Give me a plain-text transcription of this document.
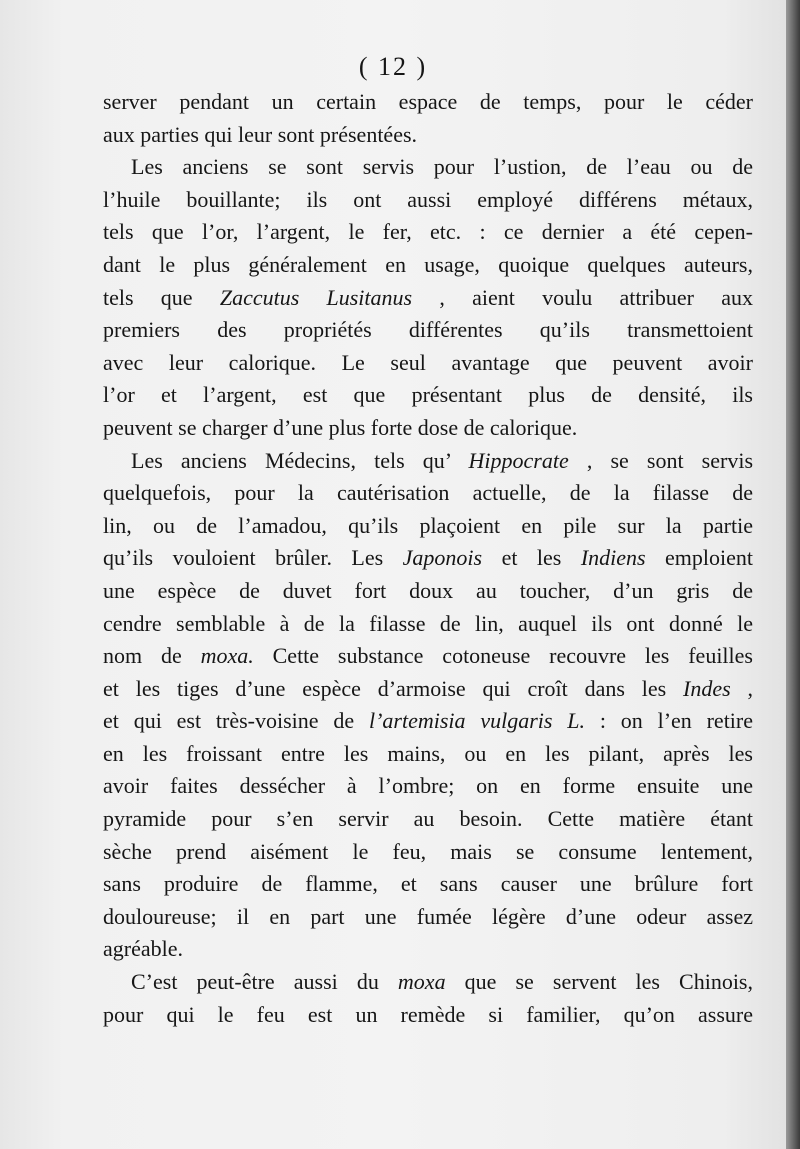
( 12 )
server pendant un certain espace de temps, pour le céder
aux parties qui leur sont présentées.
Les anciens se sont servis pour l’ustion, de l’eau ou de
l’huile bouillante; ils ont aussi employé différens métaux,
tels que l’or, l’argent, le fer, etc. : ce dernier a été cepen-
dant le plus généralement en usage, quoique quelques auteurs,
tels que Zaccutus Lusitanus , aient voulu attribuer aux
premiers des propriétés différentes qu’ils transmettoient
avec leur calorique. Le seul avantage que peuvent avoir
l’or et l’argent, est que présentant plus de densité, ils
peuvent se charger d’une plus forte dose de calorique.
Les anciens Médecins, tels qu’ Hippocrate , se sont servis
quelquefois, pour la cautérisation actuelle, de la filasse de
lin, ou de l’amadou, qu’ils plaçoient en pile sur la partie
qu’ils vouloient brûler. Les Japonois et les Indiens emploient
une espèce de duvet fort doux au toucher, d’un gris de
cendre semblable à de la filasse de lin, auquel ils ont donné le
nom de moxa. Cette substance cotoneuse recouvre les feuilles
et les tiges d’une espèce d’armoise qui croît dans les Indes ,
et qui est très-voisine de l’artemisia vulgaris L. : on l’en retire
en les froissant entre les mains, ou en les pilant, après les
avoir faites dessécher à l’ombre; on en forme ensuite une
pyramide pour s’en servir au besoin. Cette matière étant
sèche prend aisément le feu, mais se consume lentement,
sans produire de flamme, et sans causer une brûlure fort
douloureuse; il en part une fumée légère d’une odeur assez
agréable.
C’est peut-être aussi du moxa que se servent les Chinois,
pour qui le feu est un remède si familier, qu’on assure
